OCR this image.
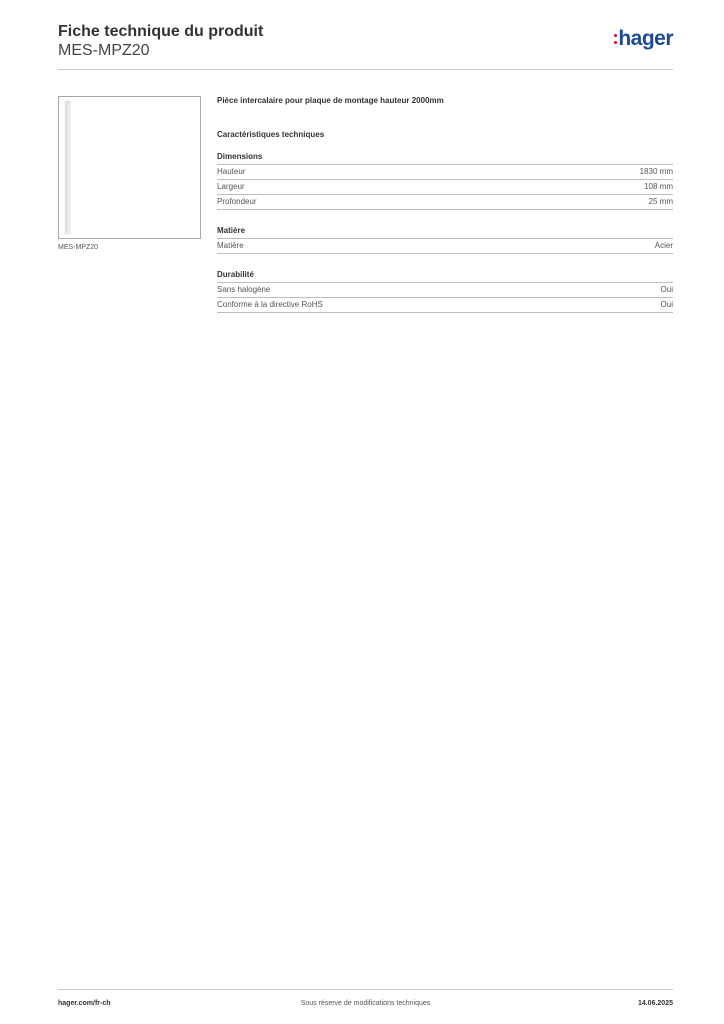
Fiche technique du produit
MES-MPZ20
hager
MES-MPZ20
Pièce intercalaire pour plaque de montage hauteur 2000mm
Caractéristiques techniques
Dimensions
Hauteur	1830 mm
Largeur	108 mm
Profondeur	25 mm
Matière
Matière	Acier
Durabilité
Sans halogène	Oui
Conforme à la directive RoHS	Oui
hager.com/fr-ch	Sous réserve de modifications techniques	14.06.2025
